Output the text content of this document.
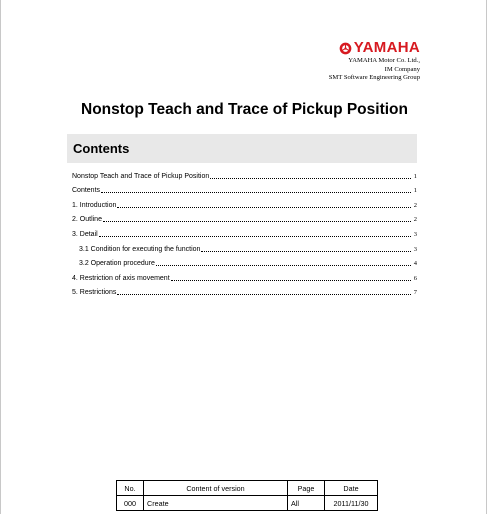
YAMAHA
YAMAHA Motor Co. Ltd.,
IM Company
SMT Software Engineering Group
Nonstop Teach and Trace of Pickup Position
Contents
Nonstop Teach and Trace of Pickup Position	1
Contents	1
1. Introduction	2
2. Outline	2
3. Detail	3
3.1 Condition for executing the function	3
3.2 Operation procedure	4
4. Restriction of axis movement	6
5. Restrictions	7
No.	Content of version	Page	Date
000	Create	All	2011/11/30
